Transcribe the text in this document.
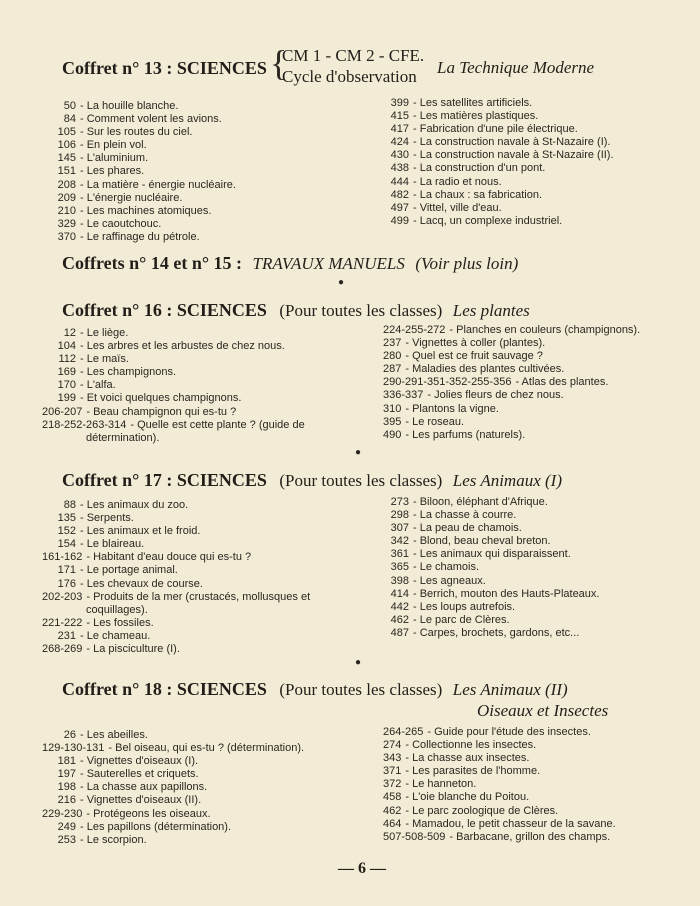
Coffret n° 13 : SCIENCES {
CM 1 - CM 2 - CFE.
Cycle d'observation La Technique Moderne
50 - La houille blanche.
84 - Comment volent les avions.
105 - Sur les routes du ciel.
106 - En plein vol.
145 - L'aluminium.
151 - Les phares.
208 - La matière - énergie nucléaire.
209 - L'énergie nucléaire.
210 - Les machines atomiques.
329 - Le caoutchouc.
370 - Le raffinage du pétrole.
399 - Les satellites artificiels.
415 - Les matières plastiques.
417 - Fabrication d'une pile électrique.
424 - La construction navale à St-Nazaire (I).
430 - La construction navale à St-Nazaire (II).
438 - La construction d'un pont.
444 - La radio et nous.
482 - La chaux : sa fabrication.
497 - Vittel, ville d'eau.
499 - Lacq, un complexe industriel.
Coffrets n° 14 et n° 15 : TRAVAUX MANUELS (Voir plus loin)
●
Coffret n° 16 : SCIENCES (Pour toutes les classes) Les plantes
12 - Le liège.
104 - Les arbres et les arbustes de chez nous.
112 - Le maïs.
169 - Les champignons.
170 - L'alfa.
199 - Et voici quelques champignons.
206-207 - Beau champignon qui es-tu ?
218-252-263-314 - Quelle est cette plante ? (guide de
détermination).
224-255-272 - Planches en couleurs (champignons).
237 - Vignettes à coller (plantes).
280 - Quel est ce fruit sauvage ?
287 - Maladies des plantes cultivées.
290-291-351-352-255-356 - Atlas des plantes.
336-337 - Jolies fleurs de chez nous.
310 - Plantons la vigne.
395 - Le roseau.
490 - Les parfums (naturels).
●
Coffret n° 17 : SCIENCES (Pour toutes les classes) Les Animaux (I)
88 - Les animaux du zoo.
135 - Serpents.
152 - Les animaux et le froid.
154 - Le blaireau.
161-162 - Habitant d'eau douce qui es-tu ?
171 - Le portage animal.
176 - Les chevaux de course.
202-203 - Produits de la mer (crustacés, mollusques et
coquillages).
221-222 - Les fossiles.
231 - Le chameau.
268-269 - La pisciculture (I).
273 - Biloon, éléphant d'Afrique.
298 - La chasse à courre.
307 - La peau de chamois.
342 - Blond, beau cheval breton.
361 - Les animaux qui disparaissent.
365 - Le chamois.
398 - Les agneaux.
414 - Berrich, mouton des Hauts-Plateaux.
442 - Les loups autrefois.
462 - Le parc de Clères.
487 - Carpes, brochets, gardons, etc...
●
Coffret n° 18 : SCIENCES (Pour toutes les classes) Les Animaux (II)
Oiseaux et Insectes
26 - Les abeilles.
129-130-131 - Bel oiseau, qui es-tu ? (détermination).
181 - Vignettes d'oiseaux (I).
197 - Sauterelles et criquets.
198 - La chasse aux papillons.
216 - Vignettes d'oiseaux (II).
229-230 - Protégeons les oiseaux.
249 - Les papillons (détermination).
253 - Le scorpion.
264-265 - Guide pour l'étude des insectes.
274 - Collectionne les insectes.
343 - La chasse aux insectes.
371 - Les parasites de l'homme.
372 - Le hanneton.
458 - L'oie blanche du Poitou.
462 - Le parc zoologique de Clères.
464 - Mamadou, le petit chasseur de la savane.
507-508-509 - Barbacane, grillon des champs.
— 6 —
